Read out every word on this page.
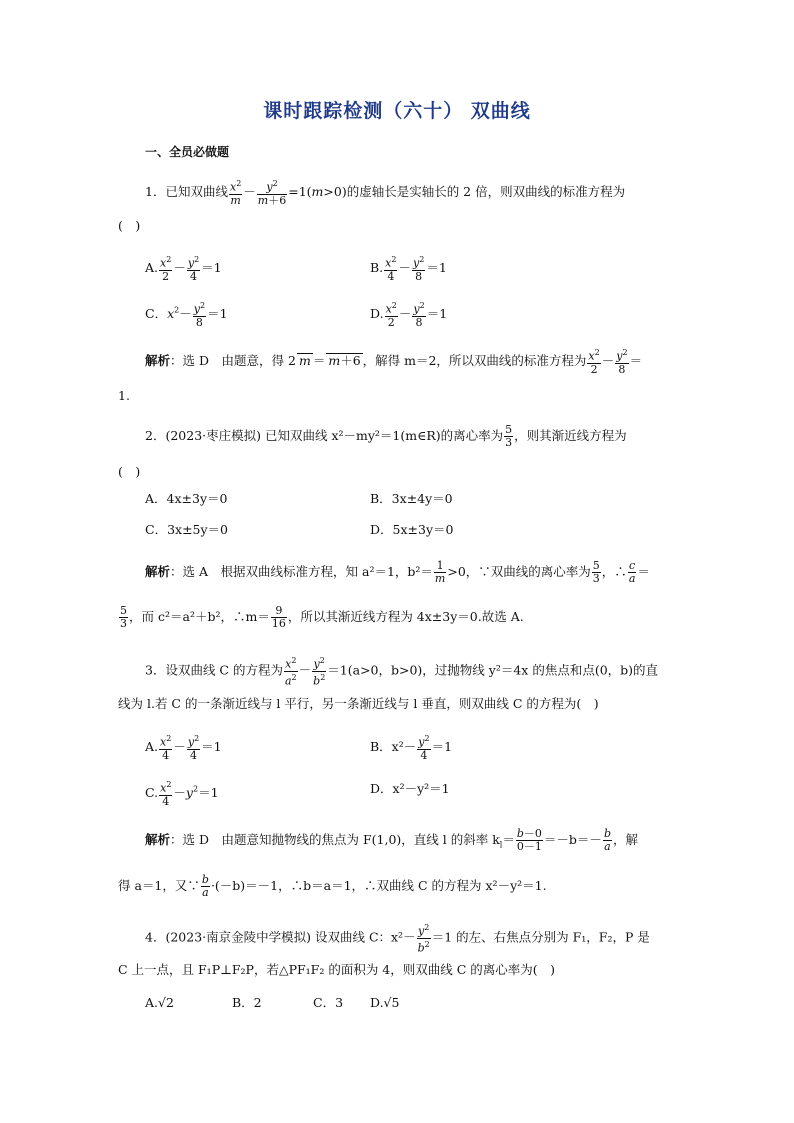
课时跟踪检测（六十） 双曲线
一、全员必做题
1．已知双曲线 $\frac{x^2}{m} - \frac{y^2}{m+6} =1(m>0)$的虚轴长是实轴长的 2 倍，则双曲线的标准方程为
(　)
A. $\frac{x^2}{2} - \frac{y^2}{4} =1$	B. $\frac{x^2}{4} - \frac{y^2}{8} =1$
C．$x^2- \frac{y^2}{8} =1$	D. $\frac{x^2}{2} - \frac{y^2}{8} =1$
解析：选 D　由题意，得 2 m ＝ m＋6 ，解得 m＝2，所以双曲线的标准方程为 $\frac{x^2}{2} - \frac{y^2}{8}$ ＝
1.
2．(2023·枣庄模拟) 已知双曲线 x²－my²＝1(m∈R)的离心率为 $\frac{5}{3}$ ，则其渐近线方程为
(　)
A．4x±3y＝0	B．3x±4y＝0
C．3x±5y＝0	D．5x±3y＝0
解析：选 A　根据双曲线标准方程，知 a²＝1，$b^2= \frac{1}{m} >0$，∵双曲线的离心率为 $\frac{5}{3}$ ，∴ $\frac{c}{a}$ ＝
$\frac{5}{3}$ ，而 c²＝a²＋b²，∴m＝ $\frac{9}{16}$ ，所以其渐近线方程为 4x±3y＝0.故选 A.
3．设双曲线 C 的方程为 $\frac{x^2}{a^2} - \frac{y^2}{b^2} =1(a>0$，b>0)，过抛物线 y²＝4x 的焦点和点(0，b)的直
线为 l.若 C 的一条渐近线与 l 平行，另一条渐近线与 l 垂直，则双曲线 C 的方程为(　)
A. $\frac{x^2}{4} - \frac{y^2}{4} =1$	B．$x^2- \frac{y^2}{4} =1$
C. $\frac{x^2}{4} -y^2=1$	D．x²－y²＝1
解析：选 D　由题意知抛物线的焦点为 F(1,0)，直线 l 的斜率 $k_l= \frac{b-0}{0-1} =-b=- \frac{b}{a}$ ，解
得 a＝1，又∵ $\frac{b}{a} \cdot(-b)=-1$，∴b＝a＝1，∴双曲线 C 的方程为 x²－y²＝1.
4．(2023·南京金陵中学模拟) 设双曲线 C：$x^2- \frac{y^2}{b^2} =1$ 的左、右焦点分别为 F₁，F₂，P 是
C 上一点，且 F₁P⊥F₂P，若△PF₁F₂ 的面积为 4，则双曲线 C 的离心率为(　)
A.√2	B．2	C．3 D.√5
